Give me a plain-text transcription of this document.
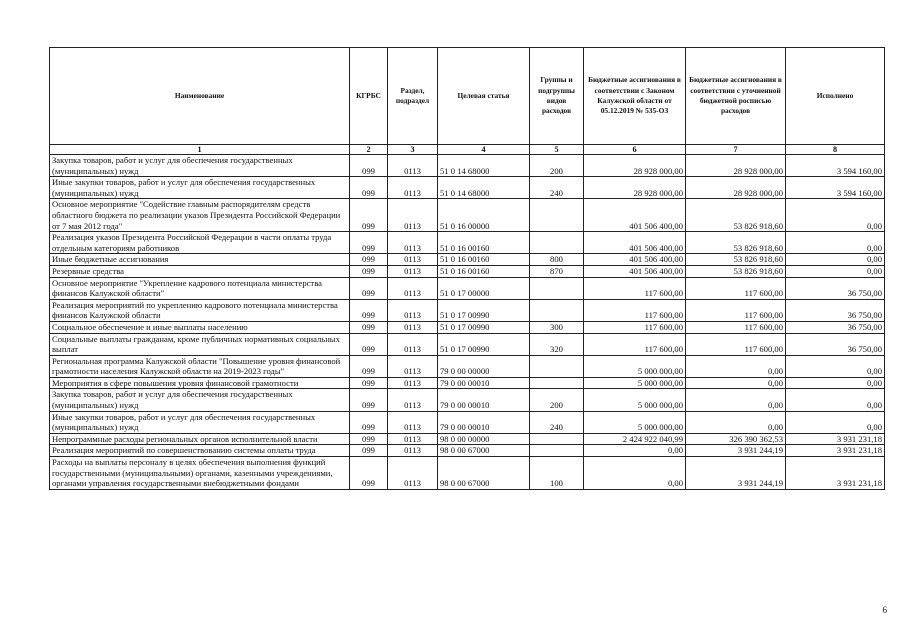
Наименование	КГРБС	Раздел, подраздел	Целевая статья	Группы и подгруппы видов расходов	Бюджетные ассигнования в соответствии с Законом Калужской области от 05.12.2019 № 535-ОЗ	Бюджетные ассигнования в соответствии с уточненной бюджетной росписью расходов	Исполнено
1	2	3	4	5	6	7	8
Закупка товаров, работ и услуг для обеспечения государственных (муниципальных) нужд	099	0113	51 0 14 68000	200	28 928 000,00	28 928 000,00	3 594 160,00
Иные закупки товаров, работ и услуг для обеспечения государственных (муниципальных) нужд	099	0113	51 0 14 68000	240	28 928 000,00	28 928 000,00	3 594 160,00
Основное мероприятие "Содействие главным распорядителям средств областного бюджета по реализации указов Президента Российской Федерации от 7 мая 2012 года"	099	0113	51 0 16 00000		401 506 400,00	53 826 918,60	0,00
Реализация указов Президента Российской Федерации в части оплаты труда отдельным категориям работников	099	0113	51 0 16 00160		401 506 400,00	53 826 918,60	0,00
Иные бюджетные ассигнования	099	0113	51 0 16 00160	800	401 506 400,00	53 826 918,60	0,00
Резервные средства	099	0113	51 0 16 00160	870	401 506 400,00	53 826 918,60	0,00
Основное мероприятие "Укрепление кадрового потенциала министерства финансов Калужской области"	099	0113	51 0 17 00000		117 600,00	117 600,00	36 750,00
Реализация мероприятий по укреплению кадрового потенциала министерства финансов Калужской области	099	0113	51 0 17 00990		117 600,00	117 600,00	36 750,00
Социальное обеспечение и иные выплаты населению	099	0113	51 0 17 00990	300	117 600,00	117 600,00	36 750,00
Социальные выплаты гражданам, кроме публичных нормативных социальных выплат	099	0113	51 0 17 00990	320	117 600,00	117 600,00	36 750,00
Региональная программа Калужской области "Повышение уровня финансовой грамотности населения Калужской области на 2019-2023 годы"	099	0113	79 0 00 00000		5 000 000,00	0,00	0,00
Мероприятия в сфере повышения уровня финансовой грамотности	099	0113	79 0 00 00010		5 000 000,00	0,00	0,00
Закупка товаров, работ и услуг для обеспечения государственных (муниципальных) нужд	099	0113	79 0 00 00010	200	5 000 000,00	0,00	0,00
Иные закупки товаров, работ и услуг для обеспечения государственных (муниципальных) нужд	099	0113	79 0 00 00010	240	5 000 000,00	0,00	0,00
Непрограммные расходы региональных органов исполнительной власти	099	0113	98 0 00 00000		2 424 922 040,99	326 390 362,53	3 931 231,18
Реализация мероприятий по совершенствованию системы оплаты труда	099	0113	98 0 00 67000		0,00	3 931 244,19	3 931 231,18
Расходы на выплаты персоналу в целях обеспечения выполнения функций государственными (муниципальными) органами, казенными учреждениями, органами управления государственными внебюджетными фондами	099	0113	98 0 00 67000	100	0,00	3 931 244,19	3 931 231,18
6
